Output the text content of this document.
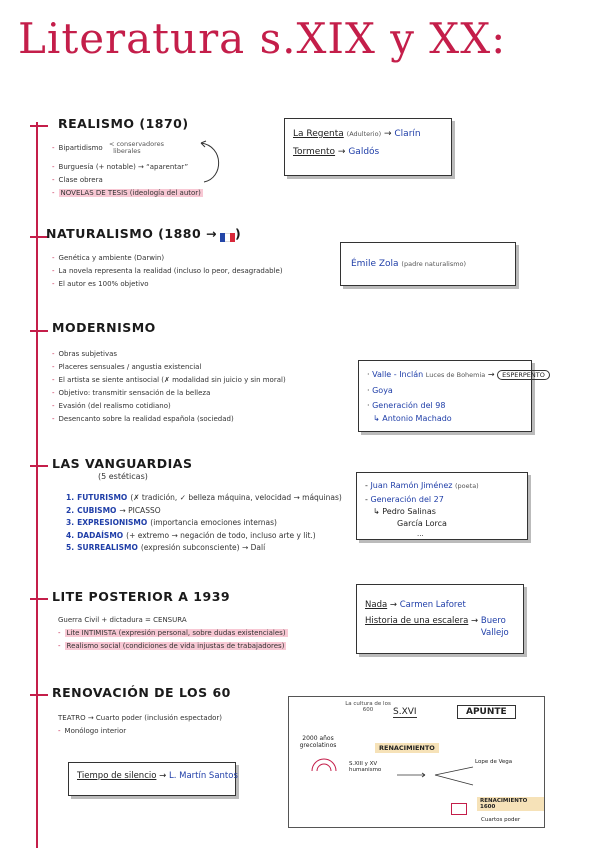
Literatura s.XIX y XX:
REALISMO (1870)
- Bipartidismo < conservadores
liberales
- Burguesía (+ notable) → “aparentar”
- Clase obrera
- NOVELAS DE TESIS (ideología del autor)
La Regenta (Adulterio) → Clarín
Tormento → Galdós
NATURALISMO (1880 → )
- Genética y ambiente (Darwin)
- La novela representa la realidad (incluso lo peor, desagradable)
- El autor es 100% objetivo
Émile Zola (padre naturalismo)
MODERNISMO
- Obras subjetivas
- Placeres sensuales / angustia existencial
- El artista se siente antisocial (✗ modalidad sin juicio y sin moral)
- Objetivo: transmitir sensación de la belleza
- Evasión (del realismo cotidiano)
- Desencanto sobre la realidad española (sociedad)
· Valle - Inclán Luces de Bohemia → ESPERPENTO
· Goya
· Generación del 98
↳ Antonio Machado
LAS VANGUARDIAS
(5 estéticas)
1. FUTURISMO (✗ tradición, ✓ belleza máquina, velocidad → máquinas)
2. CUBISMO → PICASSO
3. EXPRESIONISMO (importancia emociones internas)
4. DADAÍSMO (+ extremo → negación de todo, incluso arte y lit.)
5. SURREALISMO (expresión subconsciente) → Dalí
- Juan Ramón Jiménez (poeta)
- Generación del 27
↳ Pedro Salinas
García Lorca
...
LITE POSTERIOR A 1939
Guerra Civil + dictadura = CENSURA
- Lite INTIMISTA (expresión personal, sobre dudas existenciales)
- Realismo social (condiciones de vida injustas de trabajadores)
Nada → Carmen Laforet
Historia de una escalera → Buero Vallejo
RENOVACIÓN DE LOS 60
TEATRO → Cuarto poder (inclusión espectador)
- Monólogo interior
Tiempo de silencio → L. Martín Santos
APUNTE
S.XVI
La cultura de los 600
RENACIMIENTO
2000 años grecolatinos
S.XIII y XV humanismo
Lope de Vega
RENACIMIENTO 1600
Cuartos poder
